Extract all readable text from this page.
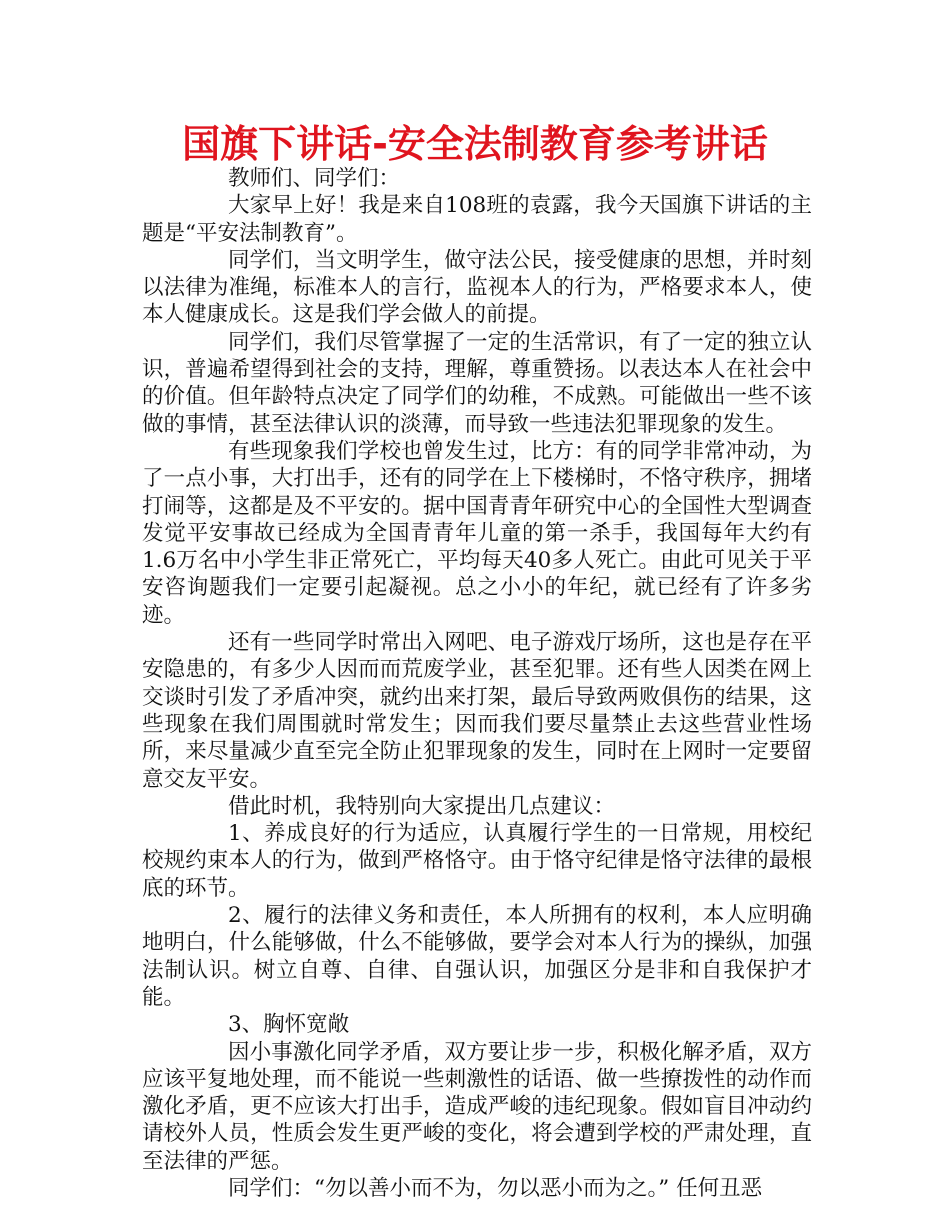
国旗下讲话-安全法制教育参考讲话

教师们、同学们：

大家早上好！我是来自108班的袁露，我今天国旗下讲话的主题是“平安法制教育”。

同学们，当文明学生，做守法公民，接受健康的思想，并时刻以法律为准绳，标准本人的言行，监视本人的行为，严格要求本人，使本人健康成长。这是我们学会做人的前提。

同学们，我们尽管掌握了一定的生活常识，有了一定的独立认识，普遍希望得到社会的支持，理解，尊重赞扬。以表达本人在社会中的价值。但年龄特点决定了同学们的幼稚，不成熟。可能做出一些不该做的事情，甚至法律认识的淡薄，而导致一些违法犯罪现象的发生。

有些现象我们学校也曾发生过，比方：有的同学非常冲动，为了一点小事，大打出手，还有的同学在上下楼梯时，不恪守秩序，拥堵打闹等，这都是及不平安的。据中国青青年研究中心的全国性大型调查发觉平安事故已经成为全国青青年儿童的第一杀手，我国每年大约有1.6万名中小学生非正常死亡，平均每天40多人死亡。由此可见关于平安咨询题我们一定要引起凝视。总之小小的年纪，就已经有了许多劣迹。

还有一些同学时常出入网吧、电子游戏厅场所，这也是存在平安隐患的，有多少人因而而荒废学业，甚至犯罪。还有些人因类在网上交谈时引发了矛盾冲突，就约出来打架，最后导致两败俱伤的结果，这些现象在我们周围就时常发生；因而我们要尽量禁止去这些营业性场所，来尽量减少直至完全防止犯罪现象的发生，同时在上网时一定要留意交友平安。

借此时机，我特别向大家提出几点建议：

1、养成良好的行为适应，认真履行学生的一日常规，用校纪校规约束本人的行为，做到严格恪守。由于恪守纪律是恪守法律的最根底的环节。

2、履行的法律义务和责任，本人所拥有的权利，本人应明确地明白，什么能够做，什么不能够做，要学会对本人行为的操纵，加强法制认识。树立自尊、自律、自强认识，加强区分是非和自我保护才能。

3、胸怀宽敞

因小事激化同学矛盾，双方要让步一步，积极化解矛盾，双方应该平复地处理，而不能说一些刺激性的话语、做一些撩拨性的动作而激化矛盾，更不应该大打出手，造成严峻的违纪现象。假如盲目冲动约请校外人员，性质会发生更严峻的变化，将会遭到学校的严肃处理，直至法律的严惩。

同学们：“勿以善小而不为，勿以恶小而为之。” 任何丑恶
